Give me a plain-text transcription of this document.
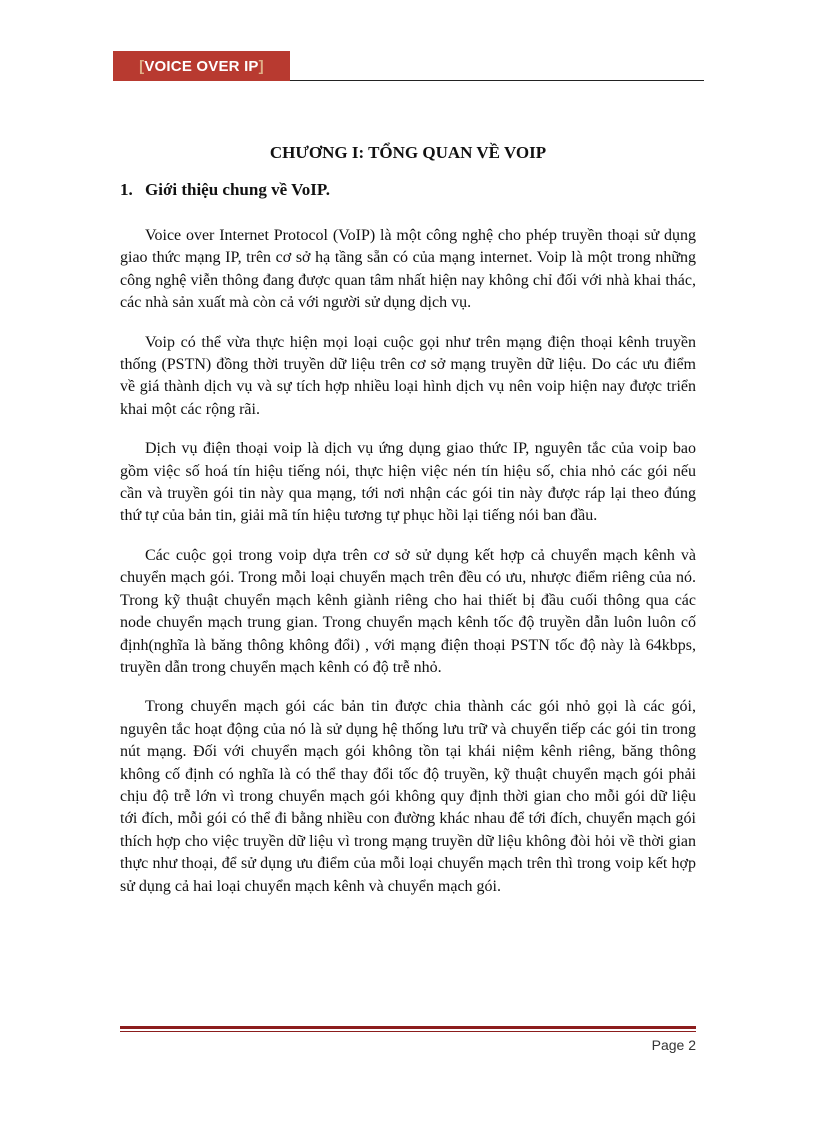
[ VOICE OVER IP ]
CHƯƠNG I: TỔNG QUAN VỀ VOIP
1. Giới thiệu chung về VoIP.

Voice over Internet Protocol (VoIP) là một công nghệ cho phép truyền thoại sử dụng giao thức mạng IP, trên cơ sở hạ tầng sẵn có của mạng internet. Voip là một trong những công nghệ viễn thông đang được quan tâm nhất hiện nay không chỉ đối với nhà khai thác, các nhà sản xuất mà còn cả với người sử dụng dịch vụ.

Voip có thể vừa thực hiện mọi loại cuộc gọi như trên mạng điện thoại kênh truyền thống (PSTN) đồng thời truyền dữ liệu trên cơ sở mạng truyền dữ liệu. Do các ưu điểm về giá thành dịch vụ và sự tích hợp nhiều loại hình dịch vụ nên voip hiện nay được triển khai một các rộng rãi.

Dịch vụ điện thoại voip là dịch vụ ứng dụng giao thức IP, nguyên tắc của voip bao gồm việc số hoá tín hiệu tiếng nói, thực hiện việc nén tín hiệu số, chia nhỏ các gói nếu cần và truyền gói tin này qua mạng, tới nơi nhận các gói tin này được ráp lại theo đúng thứ tự của bản tin, giải mã tín hiệu tương tự phục hồi lại tiếng nói ban đầu.

Các cuộc gọi trong voip dựa trên cơ sở sử dụng kết hợp cả chuyển mạch kênh và chuyển mạch gói. Trong mỗi loại chuyển mạch trên đều có ưu, nhược điểm riêng của nó. Trong kỹ thuật chuyển mạch kênh giành riêng cho hai thiết bị đầu cuối thông qua các node chuyển mạch trung gian. Trong chuyển mạch kênh tốc độ truyền dẫn luôn luôn cố định(nghĩa là băng thông không đổi) , với mạng điện thoại PSTN tốc độ này là 64kbps, truyền dẫn trong chuyển mạch kênh có độ trễ nhỏ.

Trong chuyển mạch gói các bản tin được chia thành các gói nhỏ gọi là các gói, nguyên tắc hoạt động của nó là sử dụng hệ thống lưu trữ và chuyển tiếp các gói tin trong nút mạng. Đối với chuyển mạch gói không tồn tại khái niệm kênh riêng, băng thông không cố định có nghĩa là có thể thay đổi tốc độ truyền, kỹ thuật chuyển mạch gói phải chịu độ trễ lớn vì trong chuyển mạch gói không quy định thời gian cho mỗi gói dữ liệu tới đích, mỗi gói có thể đi bằng nhiều con đường khác nhau để tới đích, chuyển mạch gói thích hợp cho việc truyền dữ liệu vì trong mạng truyền dữ liệu không đòi hỏi về thời gian thực như thoại, để sử dụng ưu điểm của mỗi loại chuyển mạch trên thì trong voip kết hợp sử dụng cả hai loại chuyển mạch kênh và chuyển mạch gói.

Page 2
